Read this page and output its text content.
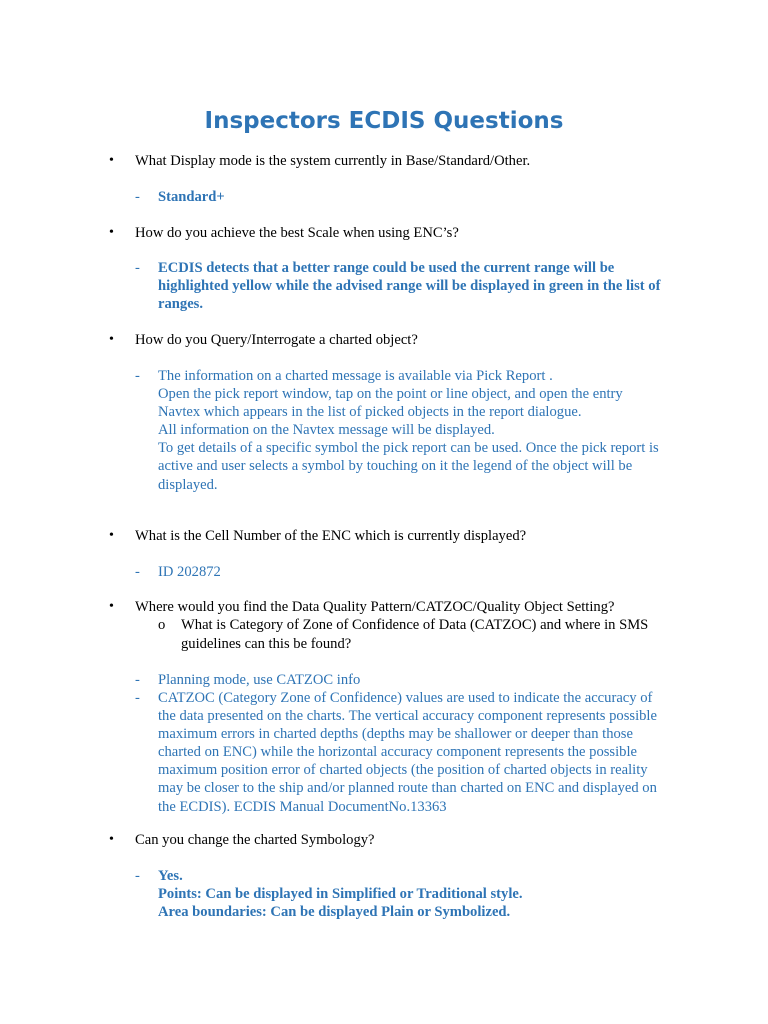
Inspectors ECDIS Questions
• What Display mode is the system currently in Base/Standard/Other.
- Standard+
• How do you achieve the best Scale when using ENC’s?
- ECDIS detects that a better range could be used the current range will be
highlighted yellow while the advised range will be displayed in green in the list of
ranges.
• How do you Query/Interrogate a charted object?
- The information on a charted message is available via Pick Report .
Open the pick report window, tap on the point or line object, and open the entry
Navtex which appears in the list of picked objects in the report dialogue.
All information on the Navtex message will be displayed.
To get details of a specific symbol the pick report can be used. Once the pick report is
active and user selects a symbol by touching on it the legend of the object will be
displayed.
• What is the Cell Number of the ENC which is currently displayed?
- ID 202872
• Where would you find the Data Quality Pattern/CATZOC/Quality Object Setting?
o What is Category of Zone of Confidence of Data (CATZOC) and where in SMS
guidelines can this be found?
- Planning mode, use CATZOC info
- CATZOC (Category Zone of Confidence) values are used to indicate the accuracy of
the data presented on the charts. The vertical accuracy component represents possible
maximum errors in charted depths (depths may be shallower or deeper than those
charted on ENC) while the horizontal accuracy component represents the possible
maximum position error of charted objects (the position of charted objects in reality
may be closer to the ship and/or planned route than charted on ENC and displayed on
the ECDIS). ECDIS Manual DocumentNo.13363
• Can you change the charted Symbology?
- Yes.
Points: Can be displayed in Simplified or Traditional style.
Area boundaries: Can be displayed Plain or Symbolized.
